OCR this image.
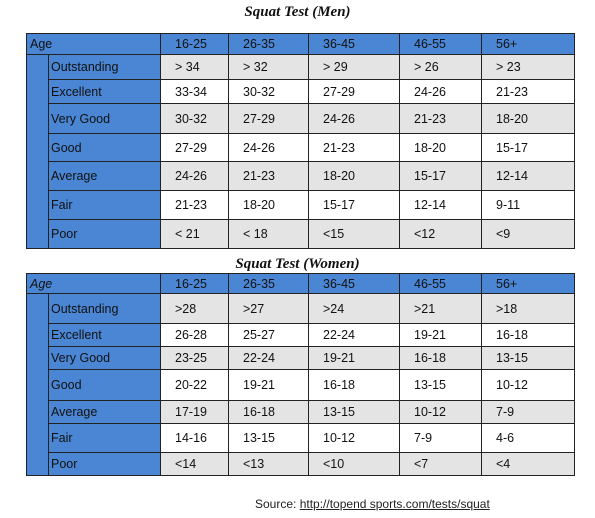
Squat Test (Men)
Age		16-25	26-35	36-45	46-55	56+
	Outstanding	> 34	> 32	> 29	> 26	> 23
	Excellent	33-34	30-32	27-29	24-26	21-23
	Very Good	30-32	27-29	24-26	21-23	18-20
	Good	27-29	24-26	21-23	18-20	15-17
	Average	24-26	21-23	18-20	15-17	12-14
	Fair	21-23	18-20	15-17	12-14	9-11
	Poor	< 21	< 18	<15	<12	<9
Squat Test (Women)
Age		16-25	26-35	36-45	46-55	56+
	Outstanding	>28	>27	>24	>21	>18
	Excellent	26-28	25-27	22-24	19-21	16-18
	Very Good	23-25	22-24	19-21	16-18	13-15
	Good	20-22	19-21	16-18	13-15	10-12
	Average	17-19	16-18	13-15	10-12	7-9
	Fair	14-16	13-15	10-12	7-9	4-6
	Poor	<14	<13	<10	<7	<4
Source: http://topend sports.com/tests/squat
